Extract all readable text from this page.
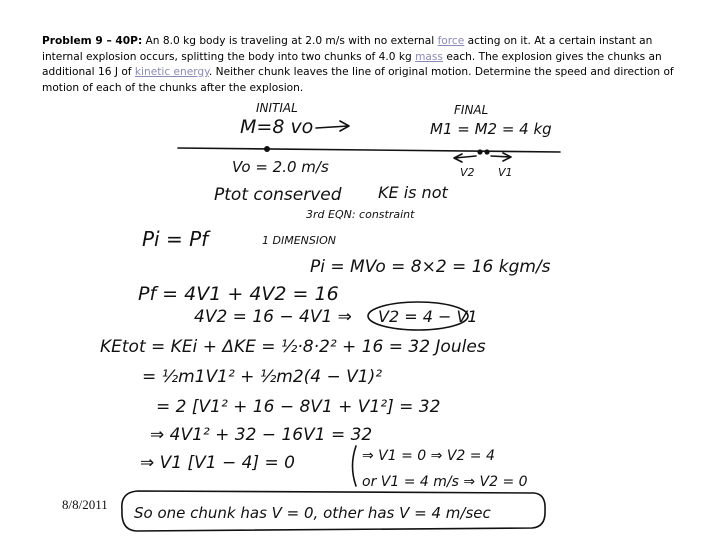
Problem 9 – 40P: An 8.0 kg body is traveling at 2.0 m/s with no external force acting on it. At a certain instant an internal explosion occurs, splitting the body into two chunks of 4.0 kg mass each. The explosion gives the chunks an additional 16 J of kinetic energy. Neither chunk leaves the line of original motion. Determine the speed and direction of motion of each of the chunks after the explosion.
INITIAL
M=8 vo
Vo = 2.0 m/s
FINAL
M1 = M2 = 4 kg
V2 V1
Ptot conserved KE is not
3rd EQN: constraint
Pi = Pf	1 DIMENSION
Pi = MVo = 8×2 = 16 kgm/s
Pf = 4V1 + 4V2 = 16
4V2 = 16 − 4V1 ⇒ V2 = 4 − V1
KEtot = KEi + ΔKE = ½·8·2² + 16 = 32 Joules
= ½m1V1² + ½m2(4 − V1)²
= 2 [V1² + 16 − 8V1 + V1²] = 32
⇒ 4V1² + 32 − 16V1 = 32
⇒ V1 [V1 − 4] = 0	⇒ V1 = 0 ⇒ V2 = 4
or V1 = 4 m/s ⇒ V2 = 0
So one chunk has V = 0, other has V = 4 m/sec
8/8/2011
